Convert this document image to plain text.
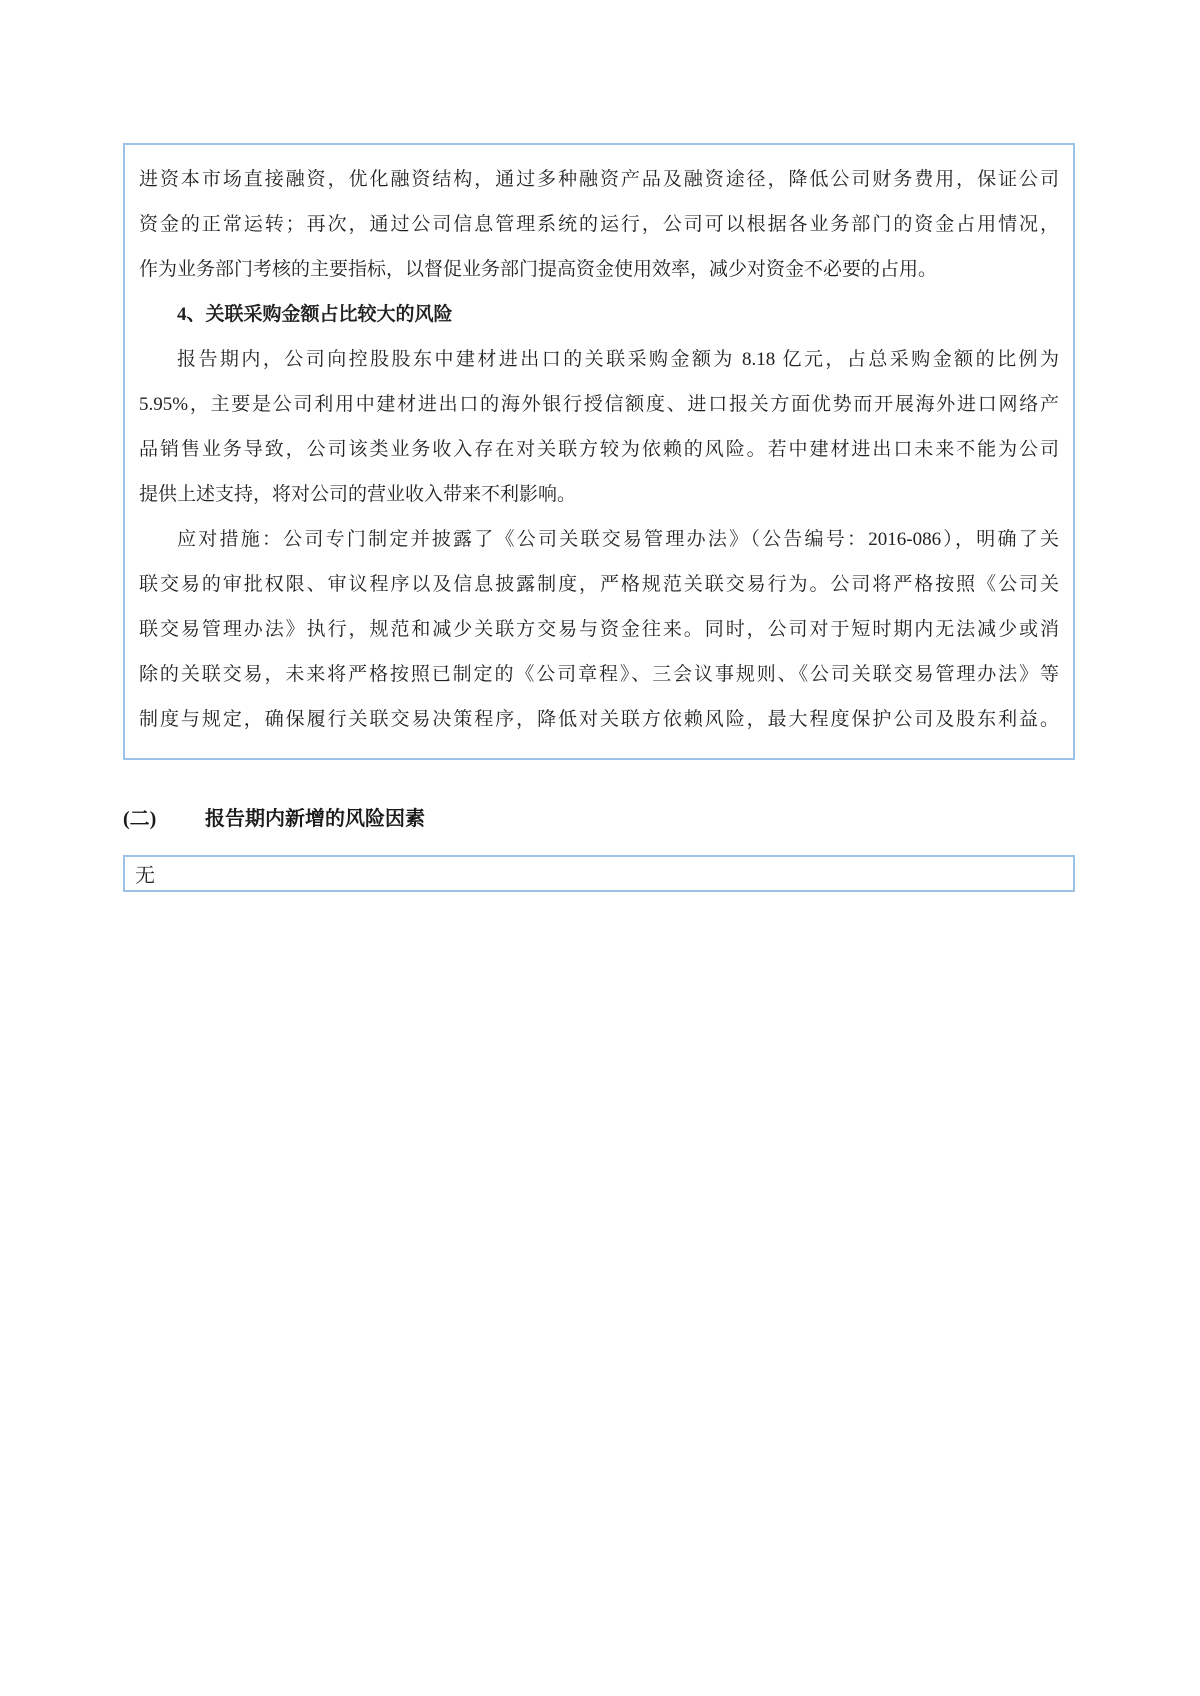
进资本市场直接融资，优化融资结构，通过多种融资产品及融资途径，降低公司财务费用，保证公司
资金的正常运转；再次，通过公司信息管理系统的运行，公司可以根据各业务部门的资金占用情况，
作为业务部门考核的主要指标，以督促业务部门提高资金使用效率，减少对资金不必要的占用。
4、关联采购金额占比较大的风险
报告期内，公司向控股股东中建材进出口的关联采购金额为 8.18 亿元，占总采购金额的比例为
5.95%，主要是公司利用中建材进出口的海外银行授信额度、进口报关方面优势而开展海外进口网络产
品销售业务导致，公司该类业务收入存在对关联方较为依赖的风险。若中建材进出口未来不能为公司
提供上述支持，将对公司的营业收入带来不利影响。
应对措施：公司专门制定并披露了《公司关联交易管理办法》（公告编号：2016-086），明确了关
联交易的审批权限、审议程序以及信息披露制度，严格规范关联交易行为。公司将严格按照《公司关
联交易管理办法》执行，规范和减少关联方交易与资金往来。同时，公司对于短时期内无法减少或消
除的关联交易，未来将严格按照已制定的《公司章程》、三会议事规则、《公司关联交易管理办法》等
制度与规定，确保履行关联交易决策程序，降低对关联方依赖风险，最大程度保护公司及股东利益。
(二) 报告期内新增的风险因素
无
